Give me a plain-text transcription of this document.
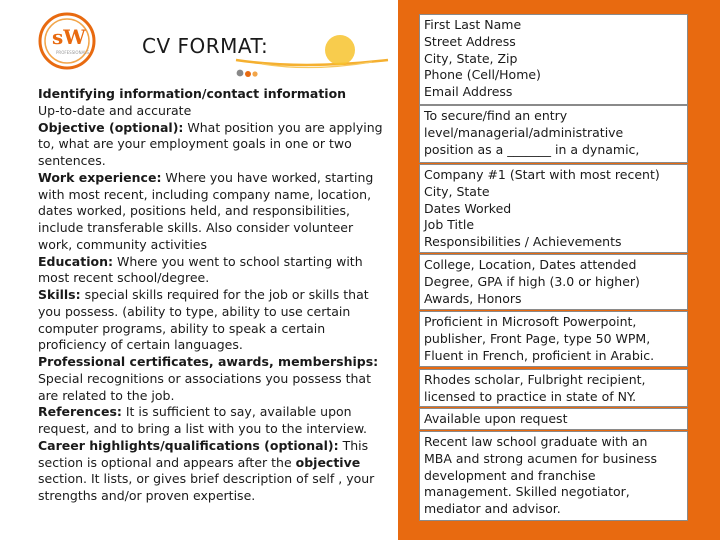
sW
PROFESSIONALS	CV FORMAT:

Identifying information/contact information

Up-to-date and accurate

Objective (optional): What position you are applying to, what are your employment goals in one or two sentences.

Work experience: Where you have worked, starting with most recent, including company name, location, dates worked, positions held, and responsibilities, include transferable skills. Also consider volunteer work, community activities

Education: Where you went to school starting with most recent school/degree.

Skills: special skills required for the job or skills that you possess. (ability to type, ability to use certain computer programs, ability to speak a certain proficiency of certain languages.

Professional certificates, awards, memberships: Special recognitions or associations you possess that are related to the job.

References: It is sufficient to say, available upon request, and to bring a list with you to the interview.

Career highlights/qualifications (optional): This section is optional and appears after the objective section. It lists, or gives brief description of self , your strengths and/or proven expertise.

First Last Name
Street Address
City, State, Zip
Phone (Cell/Home)
Email Address
To secure/find an entry
level/managerial/administrative
position as a _______ in a dynamic,
Company #1 (Start with most recent)
City, State
Dates Worked
Job Title
Responsibilities / Achievements
College, Location, Dates attended
Degree, GPA if high (3.0 or higher)
Awards, Honors
Proficient in Microsoft Powerpoint,
publisher, Front Page, type 50 WPM,
Fluent in French, proficient in Arabic.
Rhodes scholar, Fulbright recipient,
licensed to practice in state of NY.
Available upon request
Recent law school graduate with an
MBA and strong acumen for business
development and franchise
management. Skilled negotiator,
mediator and advisor.
